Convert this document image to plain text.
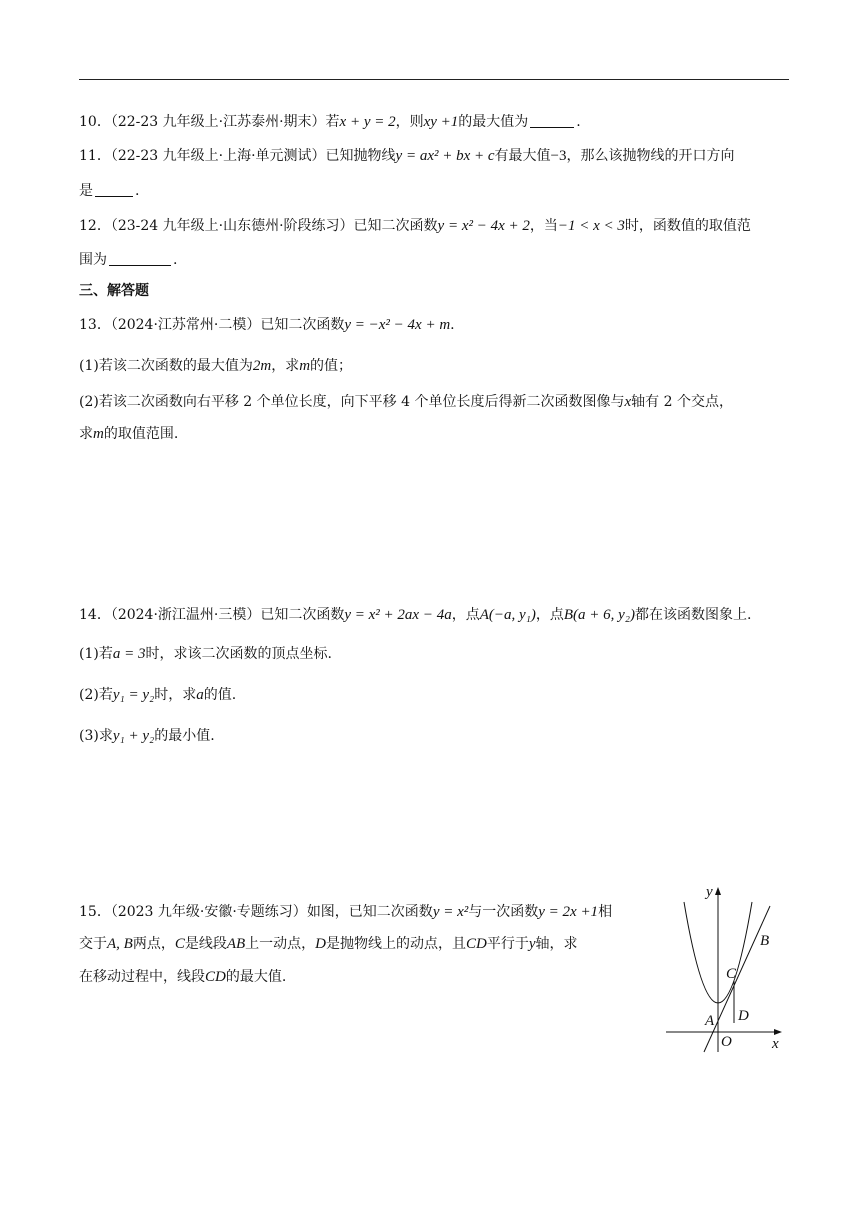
10．（22-23 九年级上·江苏泰州·期末）若x + y = 2，则xy +1的最大值为	.
11．（22-23 九年级上·上海·单元测试）已知抛物线y = ax² + bx + c有最大值−3，那么该抛物线的开口方向
是	.
12．（23-24 九年级上·山东德州·阶段练习）已知二次函数y = x² − 4x + 2，当−1 < x < 3时，函数值的取值范
围为	.
三、解答题
13．（2024·江苏常州·二模）已知二次函数y = −x² − 4x + m.
(1)若该二次函数的最大值为2m，求m的值；
(2)若该二次函数向右平移 2 个单位长度，向下平移 4 个单位长度后得新二次函数图像与x轴有 2 个交点，
求m的取值范围.
14．（2024·浙江温州·三模）已知二次函数y = x² + 2ax − 4a，点A(−a, y₁)，点B(a + 6, y₂)都在该函数图象上.
(1)若a = 3时，求该二次函数的顶点坐标.
(2)若y₁ = y₂时，求a的值.
(3)求y₁ + y₂的最小值.
15．（2023 九年级·安徽·专题练习）如图，已知二次函数y = x²与一次函数y = 2x +1相
交于A, B两点，C是线段AB上一动点，D是抛物线上的动点，且CD平行于y轴，求
在移动过程中，线段CD的最大值.
y
x
O
A
B
C
D
